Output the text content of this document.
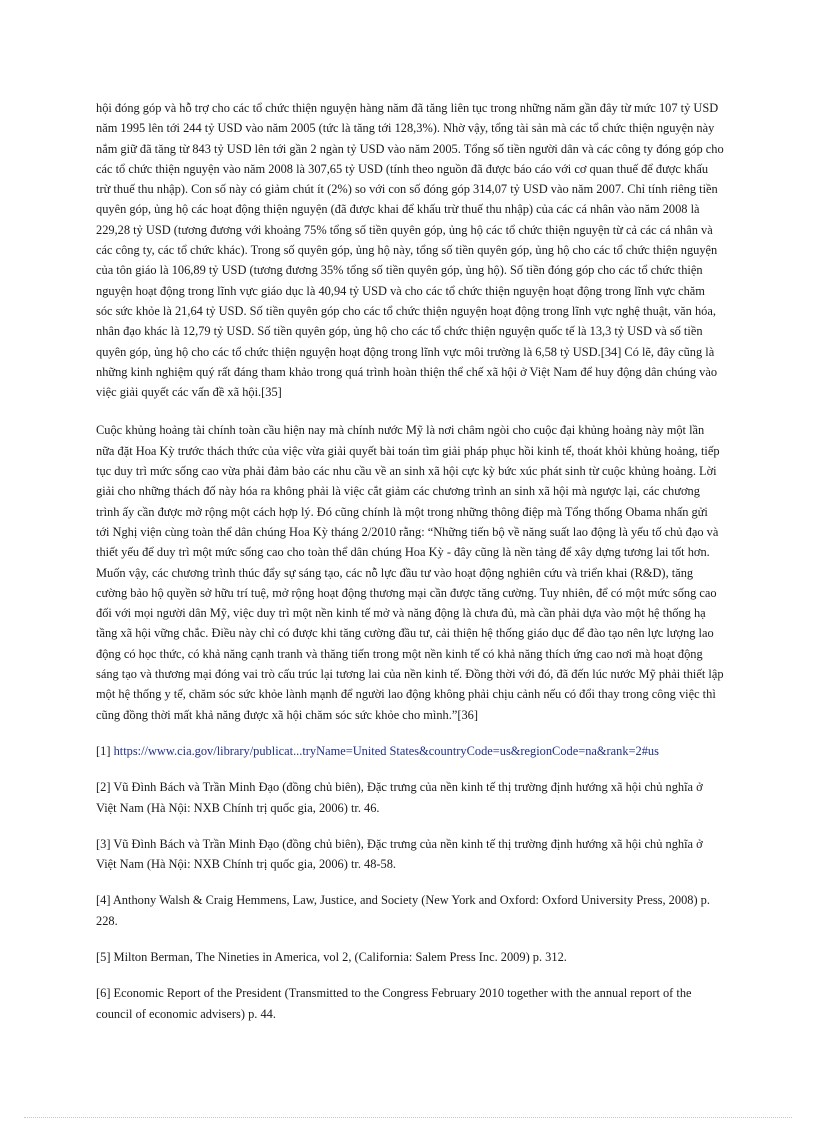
hội đóng góp và hỗ trợ cho các tổ chức thiện nguyện hàng năm đã tăng liên tục trong những năm gần đây từ mức 107 tỷ USD năm 1995 lên tới 244 tỷ USD vào năm 2005 (tức là tăng tới 128,3%). Nhờ vậy, tổng tài sản mà các tổ chức thiện nguyện này nắm giữ đã tăng từ 843 tỷ USD lên tới gần 2 ngàn tỷ USD vào năm 2005. Tổng số tiền người dân và các công ty đóng góp cho các tổ chức thiện nguyện vào năm 2008 là 307,65 tỷ USD (tính theo nguồn đã được báo cáo với cơ quan thuế để được khấu trừ thuế thu nhập). Con số này có giảm chút ít (2%) so với con số đóng góp 314,07 tỷ USD vào năm 2007. Chỉ tính riêng tiền quyên góp, ủng hộ các hoạt động thiện nguyện (đã được khai để khấu trừ thuế thu nhập) của các cá nhân vào năm 2008 là 229,28 tỷ USD (tương đương với khoảng 75% tổng số tiền quyên góp, ủng hộ các tổ chức thiện nguyện từ cả các cá nhân và các công ty, các tổ chức khác). Trong số quyên góp, ủng hộ này, tổng số tiền quyên góp, ủng hộ cho các tổ chức thiện nguyện của tôn giáo là 106,89 tỷ USD (tương đương 35% tổng số tiền quyên góp, ủng hộ). Số tiền đóng góp cho các tổ chức thiện nguyện hoạt động trong lĩnh vực giáo dục là 40,94 tỷ USD và cho các tổ chức thiện nguyện hoạt động trong lĩnh vực chăm sóc sức khỏe là 21,64 tỷ USD. Số tiền quyên góp cho các tổ chức thiện nguyện hoạt động trong lĩnh vực nghệ thuật, văn hóa, nhân đạo khác là 12,79 tỷ USD. Số tiền quyên góp, ủng hộ cho các tổ chức thiện nguyện quốc tế là 13,3 tỷ USD và số tiền quyên góp, ủng hộ cho các tổ chức thiện nguyện hoạt động trong lĩnh vực môi trường là 6,58 tỷ USD.[34] Có lẽ, đây cũng là những kinh nghiệm quý rất đáng tham khảo trong quá trình hoàn thiện thể chế xã hội ở Việt Nam để huy động dân chúng vào việc giải quyết các vấn đề xã hội.[35]

Cuộc khủng hoảng tài chính toàn cầu hiện nay mà chính nước Mỹ là nơi châm ngòi cho cuộc đại khủng hoảng này một lần nữa đặt Hoa Kỳ trước thách thức của việc vừa giải quyết bài toán tìm giải pháp phục hồi kinh tế, thoát khỏi khủng hoảng, tiếp tục duy trì mức sống cao vừa phải đảm bảo các nhu cầu về an sinh xã hội cực kỳ bức xúc phát sinh từ cuộc khủng hoảng. Lời giải cho những thách đố này hóa ra không phải là việc cắt giảm các chương trình an sinh xã hội mà ngược lại, các chương trình ấy cần được mở rộng một cách hợp lý. Đó cũng chính là một trong những thông điệp mà Tổng thống Obama nhấn gửi tới Nghị viện cùng toàn thể dân chúng Hoa Kỳ tháng 2/2010 rằng: “Những tiến bộ về năng suất lao động là yếu tố chủ đạo và thiết yếu để duy trì một mức sống cao cho toàn thể dân chúng Hoa Kỳ - đây cũng là nền tảng để xây dựng tương lai tốt hơn. Muốn vậy, các chương trình thúc đẩy sự sáng tạo, các nỗ lực đầu tư vào hoạt động nghiên cứu và triển khai (R&D), tăng cường bảo hộ quyền sở hữu trí tuệ, mở rộng hoạt động thương mại cần được tăng cường. Tuy nhiên, để có một mức sống cao đối với mọi người dân Mỹ, việc duy trì một nền kinh tế mở và năng động là chưa đủ, mà cần phải dựa vào một hệ thống hạ tầng xã hội vững chắc. Điều này chỉ có được khi tăng cường đầu tư, cải thiện hệ thống giáo dục để đào tạo nên lực lượng lao động có học thức, có khả năng cạnh tranh và thăng tiến trong một nền kinh tế có khả năng thích ứng cao nơi mà hoạt động sáng tạo và thương mại đóng vai trò cấu trúc lại tương lai của nền kinh tế. Đồng thời với đó, đã đến lúc nước Mỹ phải thiết lập một hệ thống y tế, chăm sóc sức khỏe lành mạnh để người lao động không phải chịu cảnh nếu có đổi thay trong công việc thì cũng đồng thời mất khả năng được xã hội chăm sóc sức khỏe cho mình.”[36]

[1] https://www.cia.gov/library/publicat...tryName=United States&countryCode=us&regionCode=na&rank=2#us

[2] Vũ Đình Bách và Trần Minh Đạo (đồng chủ biên), Đặc trưng của nền kinh tế thị trường định hướng xã hội chủ nghĩa ở Việt Nam (Hà Nội: NXB Chính trị quốc gia, 2006) tr. 46.

[3] Vũ Đình Bách và Trần Minh Đạo (đồng chủ biên), Đặc trưng của nền kinh tế thị trường định hướng xã hội chủ nghĩa ở Việt Nam (Hà Nội: NXB Chính trị quốc gia, 2006) tr. 48-58.

[4] Anthony Walsh & Craig Hemmens, Law, Justice, and Society (New York and Oxford: Oxford University Press, 2008) p. 228.

[5] Milton Berman, The Nineties in America, vol 2, (California: Salem Press Inc. 2009) p. 312.

[6] Economic Report of the President (Transmitted to the Congress February 2010 together with the annual report of the council of economic advisers) p. 44.
